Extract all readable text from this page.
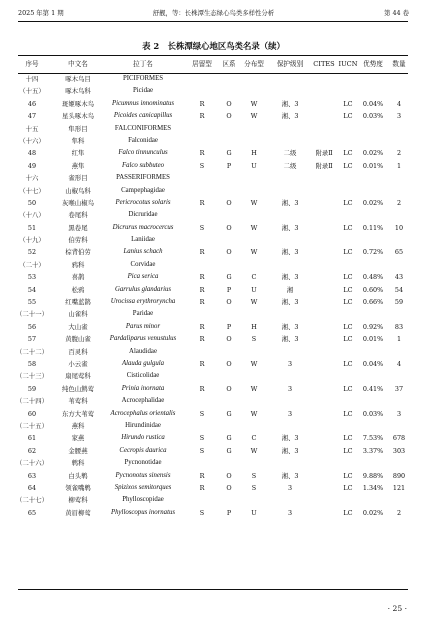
2025 年第 1 期	舒靓，等：长株潭生态绿心鸟类多样性分析	第 44 卷
表 2　长株潭绿心地区鸟类名录（续）
序号	中文名	拉丁名	居留型 区系 分布型 保护级别 CITES IUCN 优势度 数量
十四	啄木鸟目	PICIFORMES
（十五）	啄木鸟科	Picidae
46	斑姬啄木鸟	Picumnus innominatus	R	O	W	湘、3	LC 0.04% 4
47	星头啄木鸟	Picoides canicapillus	R	O	W	湘、3	LC 0.03% 3
十五	隼形目	FALCONIFORMES
（十六）	隼科	Falconidae
48	红隼	Falco tinnunculus	R	G	H	二级	附录Ⅱ LC 0.02% 2
49	燕隼	Falco subbuteo	S	P	U	二级	附录Ⅱ LC 0.01% 1
十六	雀形目	PASSERIFORMES
（十七）	山椒鸟科	Campephagidae
50	灰喉山椒鸟	Pericrocotus solaris	R	O	W	湘、3	LC 0.02% 2
（十八）	卷尾科	Dicruridae
51	黑卷尾	Dicrurus macrocercus	S	O	W	湘、3	LC 0.11% 10
（十九）	伯劳科	Laniidae
52	棕背伯劳	Lanius schach	R	O	W	湘、3	LC 0.72% 65
（二十）	鸦科	Corvidae
53	喜鹊	Pica serica	R	G	C	湘、3	LC 0.48% 43
54	松鸦	Garrulus glandarius	R	P	U	湘	LC 0.60% 54
55	红嘴蓝鹊	Urocissa erythroryncha	R	O	W	湘、3	LC 0.66% 59
（二十一）	山雀科	Paridae
56	大山雀	Parus minor	R	P	H	湘、3	LC 0.92% 83
57	黄腹山雀	Pardaliparus venustulus	R	O	S	湘、3	LC 0.01% 1
（二十二）	百灵科	Alaudidae
58	小云雀	Alauda gulgula	R	O	W	3	LC 0.04% 4
（二十三）	扇尾莺科	Cisticolidae
59	纯色山鹪莺	Prinia inornata	R	O	W	3	LC 0.41% 37
（二十四）	苇莺科	Acrocephalidae
60	东方大苇莺 Acrocephalus orientalis	S	G	W	3	LC 0.03% 3
（二十五）	燕科	Hirundinidae
61	家燕	Hirundo rustica	S	G	C	湘、3	LC 7.53% 678
62	金腰燕	Cecropis daurica	S	G	W	湘、3	LC 3.37% 303
（二十六）	鹎科	Pycnonotidae
63	白头鹎	Pycnonotus sinensis	R	O	S	湘、3	LC 9.88% 890
64	领雀嘴鹎	Spizixos semitorques	R	O	S	3	LC 1.34% 121
（二十七）	柳莺科	Phylloscopidae
65	黄眉柳莺	Phylloscopus inornatus	S	P	U	3	LC 0.02% 2
· 25 ·
